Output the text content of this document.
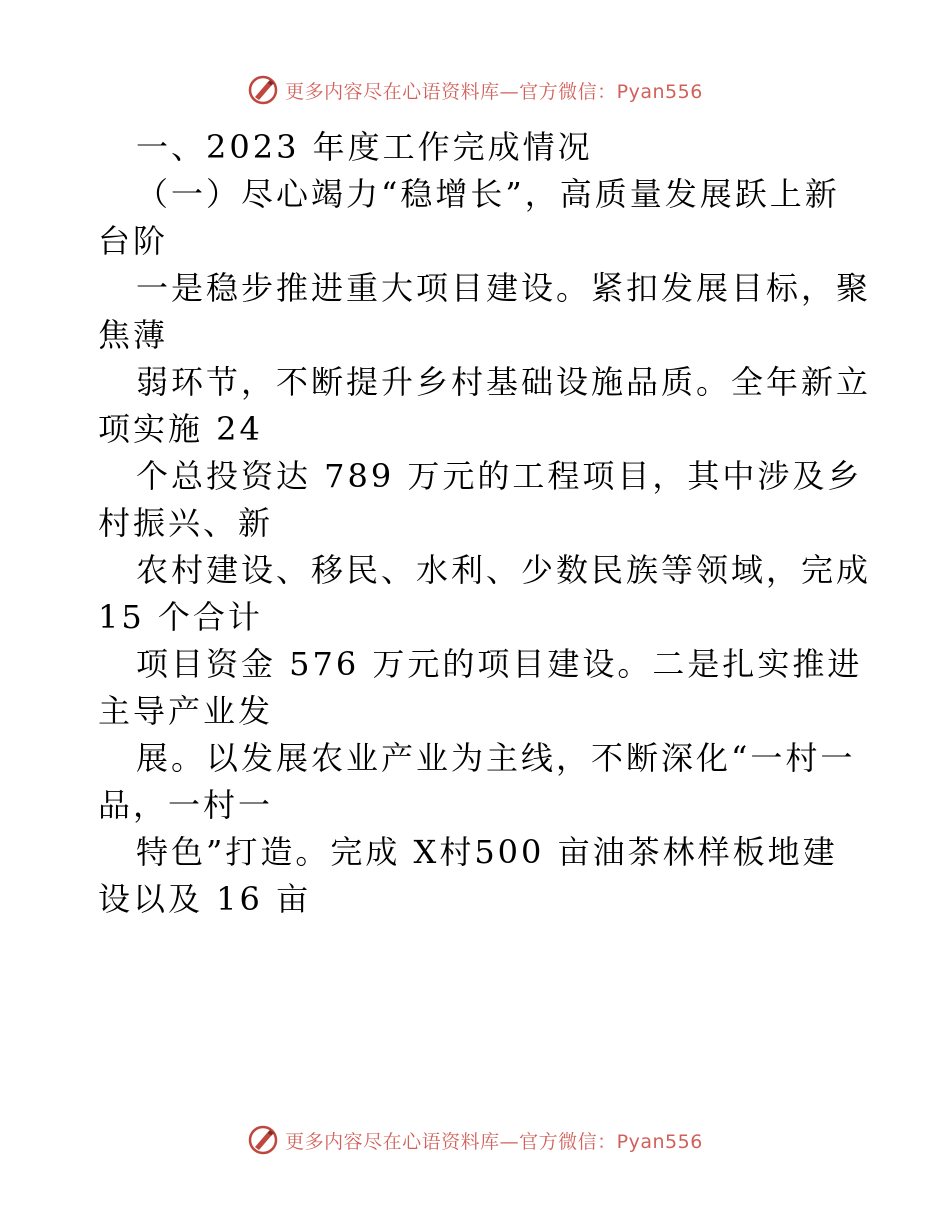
更多内容尽在心语资料库—官方微信：Pyan556
一、2023 年度工作完成情况
（一）尽心竭力“稳增长”，高质量发展跃上新
台阶
一是稳步推进重大项目建设。紧扣发展目标，聚
焦薄
弱环节，不断提升乡村基础设施品质。全年新立
项实施 24
个总投资达 789 万元的工程项目，其中涉及乡
村振兴、新
农村建设、移民、水利、少数民族等领域，完成
15 个合计
项目资金 576 万元的项目建设。二是扎实推进
主导产业发
展。以发展农业产业为主线，不断深化“一村一
品，一村一
特色”打造。完成 X村500 亩油茶林样板地建
设以及 16 亩
更多内容尽在心语资料库—官方微信：Pyan556
